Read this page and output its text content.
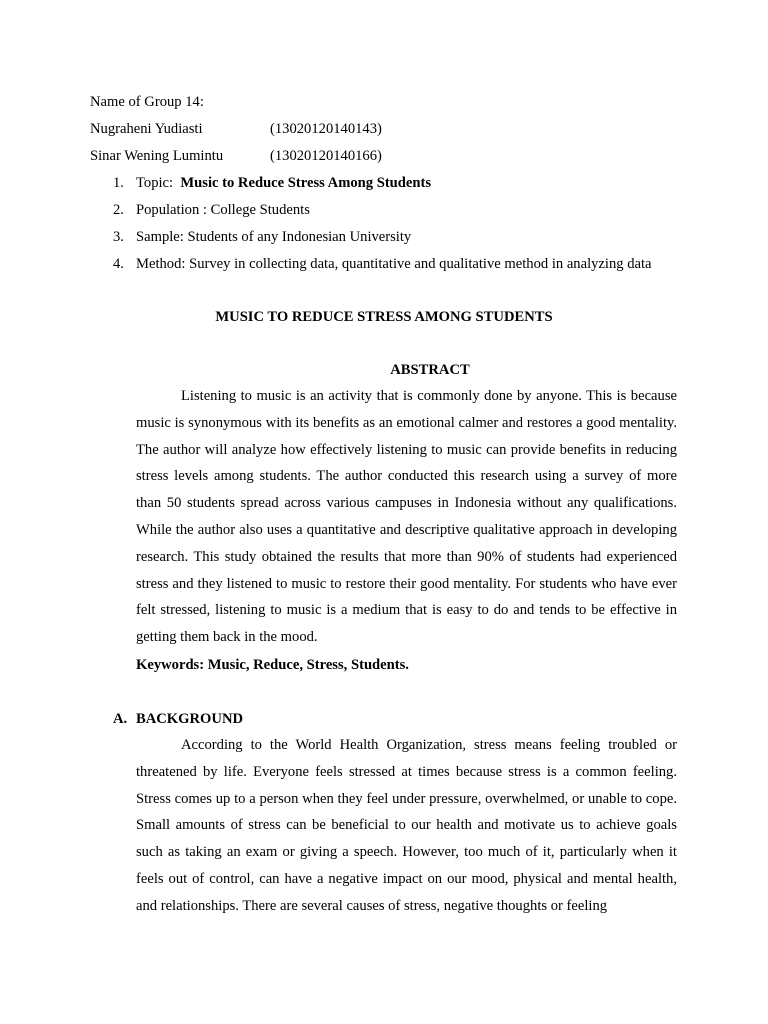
Name of Group 14:
Nugraheni Yudiasti	(13020120140143)
Sinar Wening Lumintu	(13020120140166)
1. Topic: Music to Reduce Stress Among Students
2. Population : College Students
3. Sample: Students of any Indonesian University
4. Method: Survey in collecting data, quantitative and qualitative method in analyzing data
MUSIC TO REDUCE STRESS AMONG STUDENTS
ABSTRACT
Listening to music is an activity that is commonly done by anyone. This is because music is synonymous with its benefits as an emotional calmer and restores a good mentality. The author will analyze how effectively listening to music can provide benefits in reducing stress levels among students. The author conducted this research using a survey of more than 50 students spread across various campuses in Indonesia without any qualifications. While the author also uses a quantitative and descriptive qualitative approach in developing research. This study obtained the results that more than 90% of students had experienced stress and they listened to music to restore their good mentality. For students who have ever felt stressed, listening to music is a medium that is easy to do and tends to be effective in getting them back in the mood.
Keywords: Music, Reduce, Stress, Students.
A. BACKGROUND
According to the World Health Organization, stress means feeling troubled or threatened by life. Everyone feels stressed at times because stress is a common feeling. Stress comes up to a person when they feel under pressure, overwhelmed, or unable to cope. Small amounts of stress can be beneficial to our health and motivate us to achieve goals such as taking an exam or giving a speech. However, too much of it, particularly when it feels out of control, can have a negative impact on our mood, physical and mental health, and relationships. There are several causes of stress, negative thoughts or feeling
